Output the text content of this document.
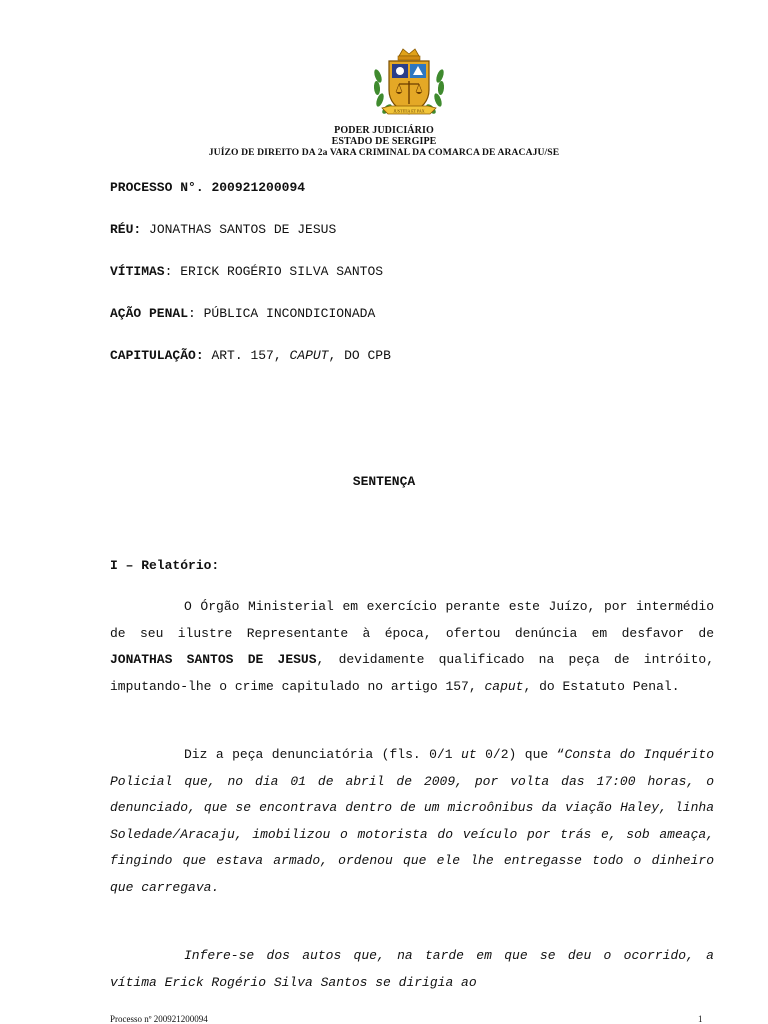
JUSTITIA ET PAX
PODER JUDICIÁRIO
ESTADO DE SERGIPE
JUÍZO DE DIREITO DA 2a VARA CRIMINAL DA COMARCA DE ARACAJU/SE
PROCESSO N°. 200921200094
RÉU: JONATHAS SANTOS DE JESUS
VÍTIMAS: ERICK ROGÉRIO SILVA SANTOS
AÇÃO PENAL: PÚBLICA INCONDICIONADA
CAPITULAÇÃO: ART. 157, CAPUT, DO CPB
SENTENÇA
I – Relatório:
O Órgão Ministerial em exercício perante este Juízo, por intermédio de seu ilustre Representante à época, ofertou denúncia em desfavor de JONATHAS SANTOS DE JESUS, devidamente qualificado na peça de intróito, imputando-lhe o crime capitulado no artigo 157, caput, do Estatuto Penal.
Diz a peça denunciatória (fls. 0/1 ut 0/2) que “Consta do Inquérito Policial que, no dia 01 de abril de 2009, por volta das 17:00 horas, o denunciado, que se encontrava dentro de um microônibus da viação Haley, linha Soledade/Aracaju, imobilizou o motorista do veículo por trás e, sob ameaça, fingindo que estava armado, ordenou que ele lhe entregasse todo o dinheiro que carregava.
Infere-se dos autos que, na tarde em que se deu o ocorrido, a vítima Erick Rogério Silva Santos se dirigia ao
Processo nº 200921200094	1
